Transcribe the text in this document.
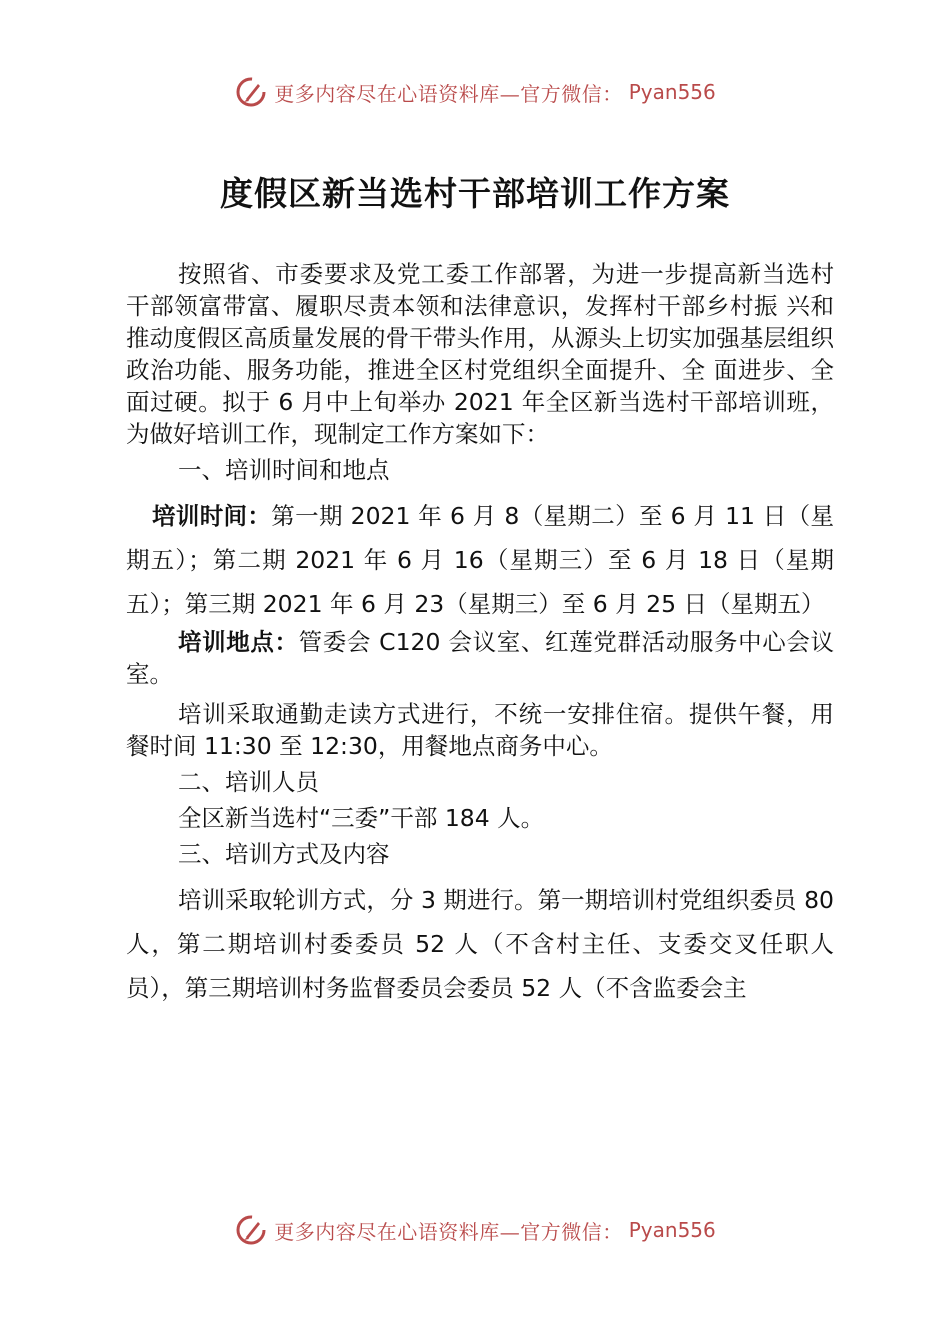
更多内容尽在心语资料库—官方微信： Pyan556
度假区新当选村干部培训工作方案

按照省、市委要求及党工委工作部署，为进一步提高新当选村干部领富带富、履职尽责本领和法律意识，发挥村干部乡村振 兴和推动度假区高质量发展的骨干带头作用，从源头上切实加强基层组织政治功能、服务功能，推进全区村党组织全面提升、全 面进步、全面过硬。拟于 6 月中上旬举办 2021 年全区新当选村干部培训班，为做好培训工作，现制定工作方案如下：

一、培训时间和地点

培训时间：第一期 2021 年 6 月 8（星期二）至 6 月 11 日（星期五）；第二期 2021 年 6 月 16（星期三）至 6 月 18 日（星期五）；第三期 2021 年 6 月 23（星期三）至 6 月 25 日（星期五）

培训地点：管委会 C120 会议室、红莲党群活动服务中心会议室。

培训采取通勤走读方式进行，不统一安排住宿。提供午餐，用餐时间 11:30 至 12:30，用餐地点商务中心。

二、培训人员

全区新当选村“三委”干部 184 人。

三、培训方式及内容

培训采取轮训方式，分 3 期进行。第一期培训村党组织委员 80 人，第二期培训村委委员 52 人（不含村主任、支委交叉任职人员），第三期培训村务监督委员会委员 52 人（不含监委会主

更多内容尽在心语资料库—官方微信： Pyan556
